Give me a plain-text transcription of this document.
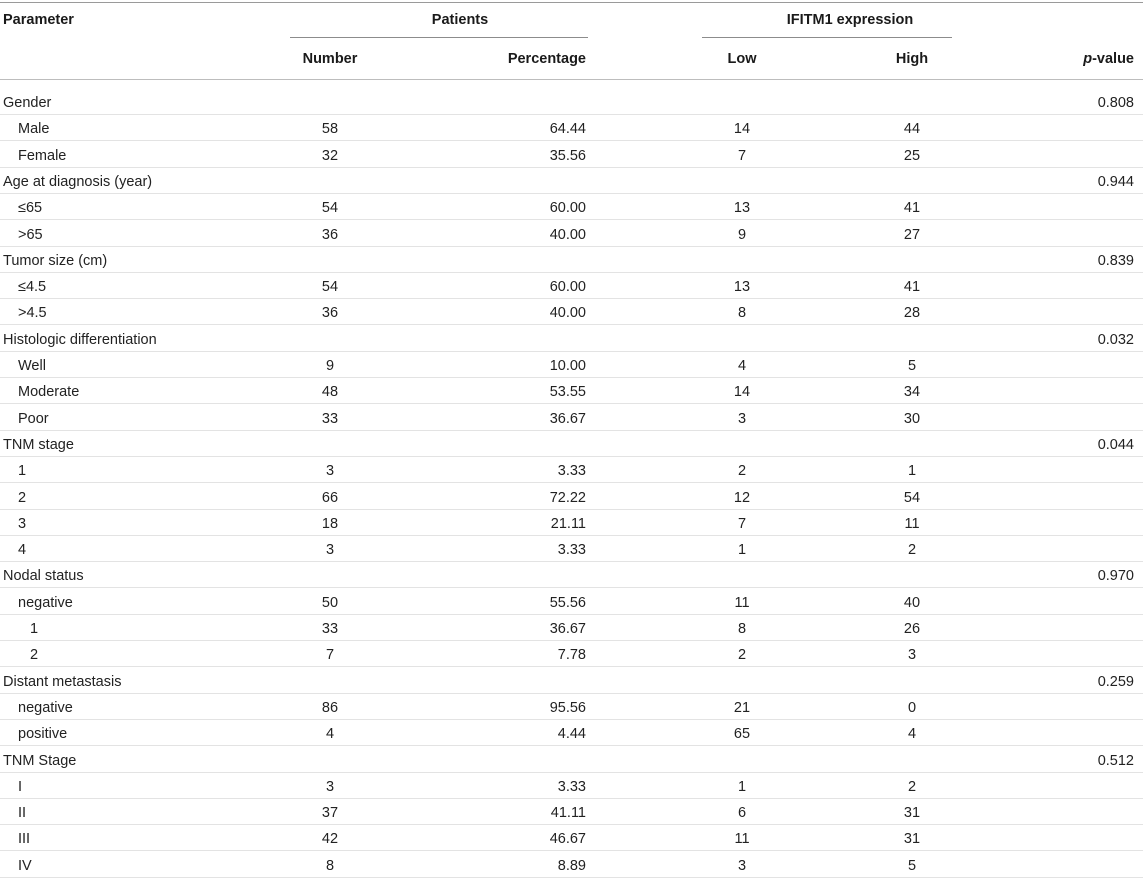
Parameter	Patients	IFITM1 expression
Number	Percentage	Low	High	p-value
Gender	0.808
Male	58	64.44	14	44
Female	32	35.56	7	25
Age at diagnosis (year)	0.944
≤65	54	60.00	13	41
>65	36	40.00	9	27
Tumor size (cm)	0.839
≤4.5	54	60.00	13	41
>4.5	36	40.00	8	28
Histologic differentiation	0.032
Well	9	10.00	4	5
Moderate	48	53.55	14	34
Poor	33	36.67	3	30
TNM stage	0.044
1	3	3.33	2	1
2	66	72.22	12	54
3	18	21.11	7	11
4	3	3.33	1	2
Nodal status	0.970
negative	50	55.56	11	40
1	33	36.67	8	26
2	7	7.78	2	3
Distant metastasis	0.259
negative	86	95.56	21	0
positive	4	4.44	65	4
TNM Stage	0.512
I	3	3.33	1	2
II	37	41.11	6	31
III	42	46.67	11	31
IV	8	8.89	3	5
